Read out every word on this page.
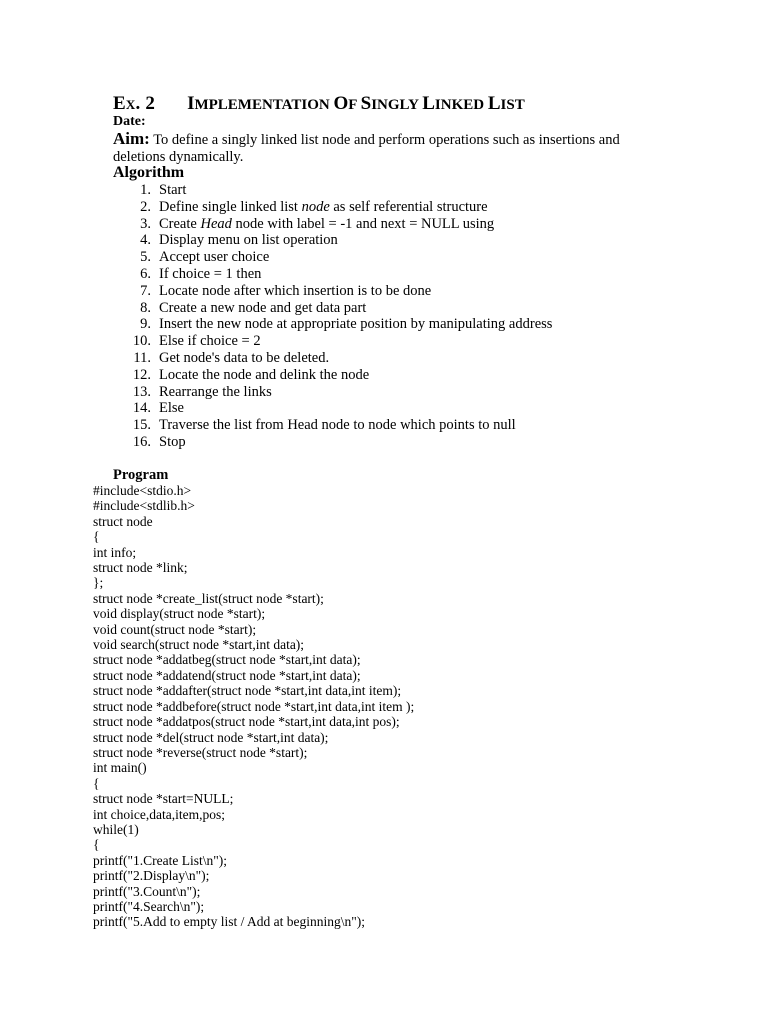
Ex. 2 IMPLEMENTATION OF SINGLY LINKED LIST
Date:
Aim: To define a singly linked list node and perform operations such as insertions and deletions dynamically.
Algorithm
1. Start
2. Define single linked list node as self referential structure
3. Create Head node with label = -1 and next = NULL using
4. Display menu on list operation
5. Accept user choice
6. If choice = 1 then
7. Locate node after which insertion is to be done
8. Create a new node and get data part
9. Insert the new node at appropriate position by manipulating address
10. Else if choice = 2
11. Get node's data to be deleted.
12. Locate the node and delink the node
13. Rearrange the links
14. Else
15. Traverse the list from Head node to node which points to null
16. Stop
Program
#include<stdio.h>
#include<stdlib.h>
struct node
{
int info;
struct node *link;
};
struct node *create_list(struct node *start);
void display(struct node *start);
void count(struct node *start);
void search(struct node *start,int data);
struct node *addatbeg(struct node *start,int data);
struct node *addatend(struct node *start,int data);
struct node *addafter(struct node *start,int data,int item);
struct node *addbefore(struct node *start,int data,int item );
struct node *addatpos(struct node *start,int data,int pos);
struct node *del(struct node *start,int data);
struct node *reverse(struct node *start);
int main()
{
struct node *start=NULL;
int choice,data,item,pos;
while(1)
{
printf("1.Create List\n");
printf("2.Display\n");
printf("3.Count\n");
printf("4.Search\n");
printf("5.Add to empty list / Add at beginning\n");
